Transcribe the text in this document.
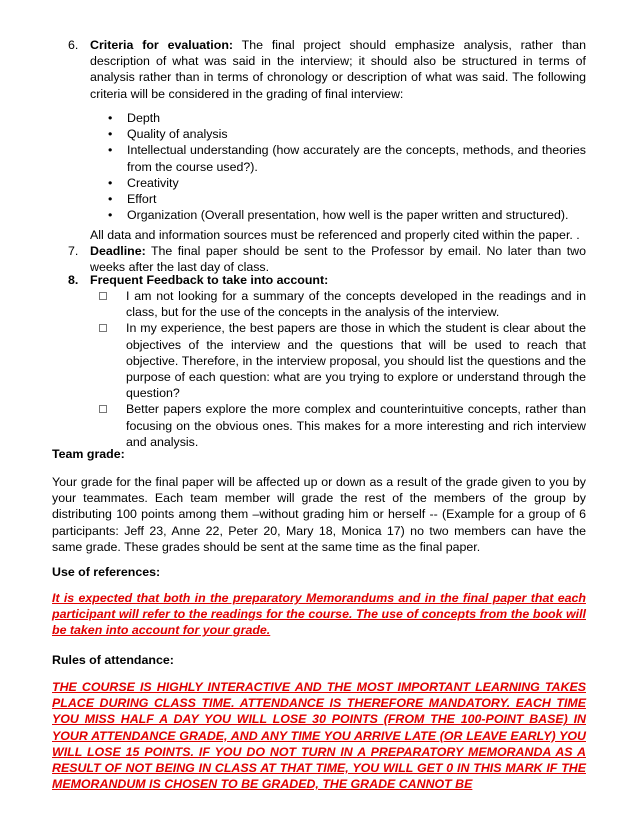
6. Criteria for evaluation: The final project should emphasize analysis, rather than description of what was said in the interview; it should also be structured in terms of analysis rather than in terms of chronology or description of what was said. The following criteria will be considered in the grading of final interview:

• Depth
• Quality of analysis
• Intellectual understanding (how accurately are the concepts, methods, and theories from the course used?).
• Creativity
• Effort
• Organization (Overall presentation, how well is the paper written and structured).

All data and information sources must be referenced and properly cited within the paper. .

7. Deadline: The final paper should be sent to the Professor by email. No later than two weeks after the last day of class.

8. Frequent Feedback to take into account:

I am not looking for a summary of the concepts developed in the readings and in class, but for the use of the concepts in the analysis of the interview.
In my experience, the best papers are those in which the student is clear about the objectives of the interview and the questions that will be used to reach that objective. Therefore, in the interview proposal, you should list the questions and the purpose of each question: what are you trying to explore or understand through the question?
Better papers explore the more complex and counterintuitive concepts, rather than focusing on the obvious ones. This makes for a more interesting and rich interview and analysis.

Team grade:

Your grade for the final paper will be affected up or down as a result of the grade given to you by your teammates. Each team member will grade the rest of the members of the group by distributing 100 points among them –without grading him or herself -- (Example for a group of 6 participants: Jeff 23, Anne 22, Peter 20, Mary 18, Monica 17) no two members can have the same grade. These grades should be sent at the same time as the final paper.

Use of references:

It is expected that both in the preparatory Memorandums and in the final paper that each participant will refer to the readings for the course. The use of concepts from the book will be taken into account for your grade.

Rules of attendance:

THE COURSE IS HIGHLY INTERACTIVE AND THE MOST IMPORTANT LEARNING TAKES PLACE DURING CLASS TIME. ATTENDANCE IS THEREFORE MANDATORY. EACH TIME YOU MISS HALF A DAY YOU WILL LOSE 30 POINTS (FROM THE 100-POINT BASE) IN YOUR ATTENDANCE GRADE, AND ANY TIME YOU ARRIVE LATE (OR LEAVE EARLY) YOU WILL LOSE 15 POINTS. IF YOU DO NOT TURN IN A PREPARATORY MEMORANDA AS A RESULT OF NOT BEING IN CLASS AT THAT TIME, YOU WILL GET 0 IN THIS MARK IF THE MEMORANDUM IS CHOSEN TO BE GRADED, THE GRADE CANNOT BE
